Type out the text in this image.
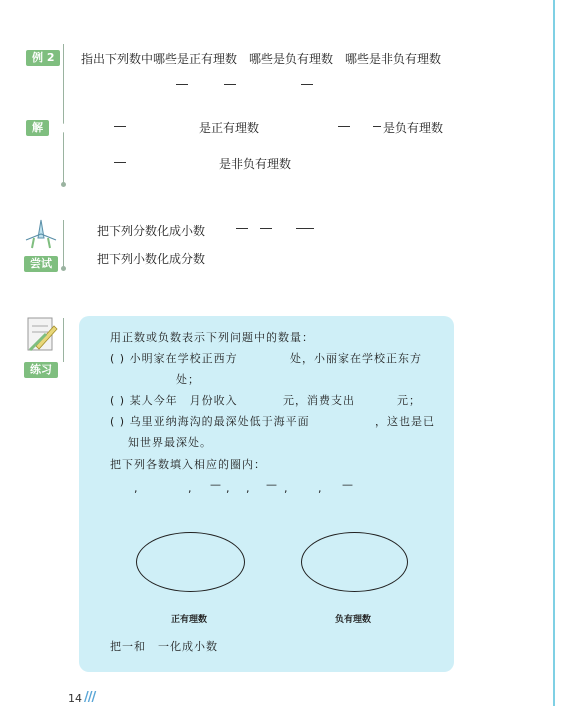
例 2	指出下列数中哪些是正有理数　哪些是负有理数　哪些是非负有理数
解	是正有理数	是负有理数
是非负有理数
尝试
把下列分数化成小数
把下列小数化成分数
练习
用正数或负数表示下列问题中的数量：
( ) 小明家在学校正西方	处，小丽家在学校正东方
处；
( ) 某人今年　月份收入	元，消费支出	元；
( ) 乌里亚纳海沟的最深处低于海平面	，这也是已
知世界最深处。
把下列各数填入相应的圈内：
,	, — , , — ,	, —
正有理数	负有理数
把一和　一化成小数
14 ///
